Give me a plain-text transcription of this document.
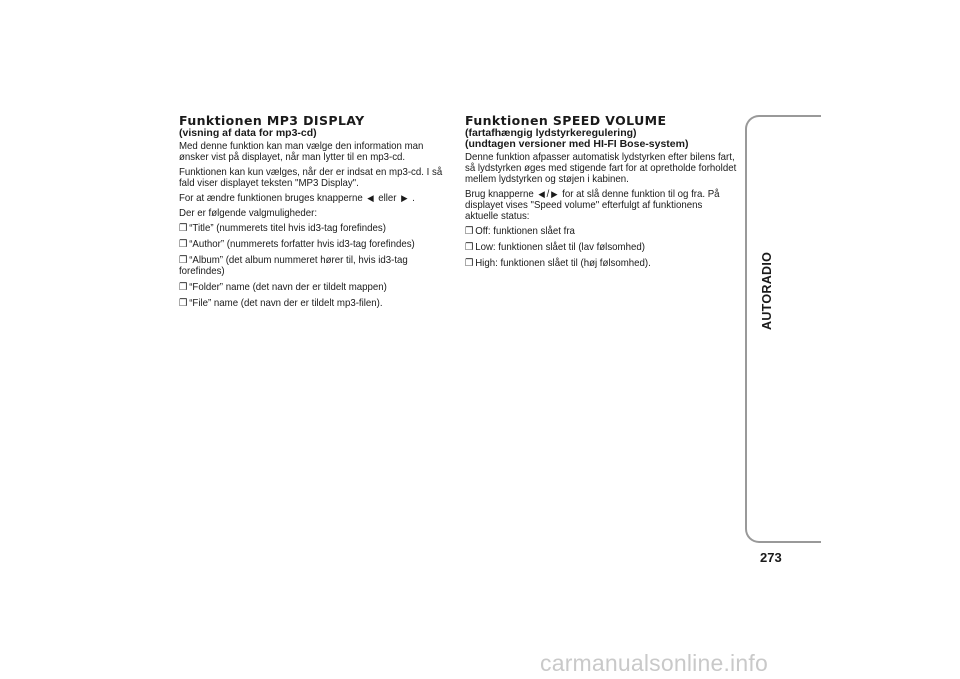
Funktionen MP3 DISPLAY
(visning af data for mp3-cd)
Med denne funktion kan man vælge den information man ønsker vist på displayet, når man lytter til en mp3-cd.
Funktionen kan kun vælges, når der er indsat en mp3-cd. I så fald viser displayet teksten "MP3 Display".
For at ændre funktionen bruges knapperne ◀ eller ▶ .
Der er følgende valgmuligheder:
❒ “Title” (nummerets titel hvis id3-tag forefindes)
❒ “Author” (nummerets forfatter hvis id3-tag forefindes)
❒ “Album” (det album nummeret hører til, hvis id3-tag forefindes)
❒ “Folder” name (det navn der er tildelt mappen)
❒ “File” name (det navn der er tildelt mp3-filen).
Funktionen SPEED VOLUME
(fartafhængig lydstyrkeregulering)
(undtagen versioner med HI-FI Bose-system)
Denne funktion afpasser automatisk lydstyrken efter bilens fart, så lydstyrken øges med stigende fart for at opretholde forholdet mellem lydstyrken og støjen i kabinen.
Brug knapperne ◀ / ▶ for at slå denne funktion til og fra. På displayet vises "Speed volume" efterfulgt af funktionens aktuelle status:
❒ Off: funktionen slået fra
❒ Low: funktionen slået til (lav følsomhed)
❒ High: funktionen slået til (høj følsomhed).	AUTORADIO
273
carmanualsonline.info
